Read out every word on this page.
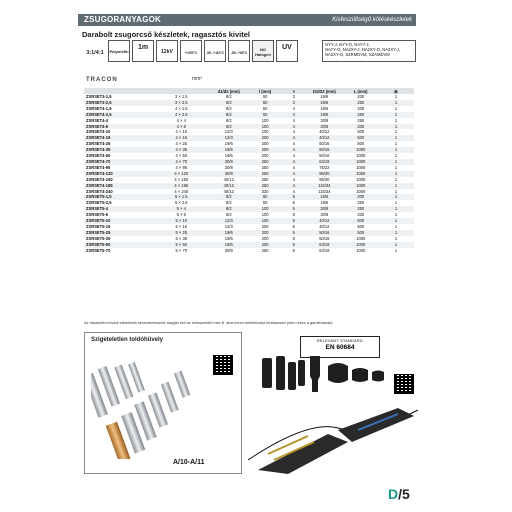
ZSUGORANYAGOK	Kisfeszültségű kötéskészletek
Darabolt zsugorcső készletek, ragasztós kivitel
3:1/4:1	Polyolefin
1m
12kV	+105°C	-55...+110°C	-55...+60°C
NO Halogen
UV	NYY-J, NYY-O, NAYY-J,
NAYY-O, NA2XY-J, NA2XY-O, NA2XY-J,
NA2XY-O, SZRMDVM, SZAMDVM
TRACON	mm²
		d1/d2 (mm)	l (mm)	×	D1/D2 (mm)	L (mm)	⊠
ZSRSET3-1,5	3 × 1.5	8/2	50	3	19/6	200	1
ZSRSET3-2,5	3 × 2.5	8/2	50	3	19/6	250	1
ZSRSET4-1,5	4 × 1.5	8/2	50	4	19/6	200	1
ZSRSET4-2,5	4 × 2.5	8/2	50	4	19/6	250	1
ZSRSET4-4	4 × 4	8/2	100	4	30/8	250	1
ZSRSET4-6	4 × 6	8/2	100	4	30/8	330	1
ZSRSET4-10	4 × 10	12/3	100	4	40/12	500	1
ZSRSET4-16	4 × 16	12/3	200	4	40/12	500	1
ZSRSET4-25	4 × 25	19/6	200	4	50/16	500	1
ZSRSET4-35	4 × 35	19/6	200	4	50/16	1000	1
ZSRSET4-50	4 × 50	19/6	200	4	50/16	1000	1
ZSRSET4-70	4 × 70	30/8	250	4	63/19	1000	1
ZSRSET4-95	4 × 95	30/8	250	4	75/22	1000	1
ZSRSET4-120	4 × 120	30/8	250	4	95/30	1000	1
ZSRSET4-150	4 × 150	40/12	250	4	95/30	1000	1
ZSRSET4-185	4 × 185	40/12	250	4	115/34	1000	1
ZSRSET4-240	4 × 240	40/12	330	4	115/34	1000	1
ZSRSET5-1,5	5 × 1.5	8/2	50	5	19/6	200	1
ZSRSET5-2,5	5 × 2.5	8/2	50	5	19/6	250	1
ZSRSET5-4	5 × 4	8/2	100	5	30/8	250	1
ZSRSET5-6	5 × 6	8/2	100	5	30/8	330	1
ZSRSET5-10	5 × 10	12/3	100	5	40/12	500	1
ZSRSET5-16	5 × 16	12/3	200	5	40/12	500	1
ZSRSET5-25	5 × 25	19/6	200	5	50/16	500	1
ZSRSET5-35	5 × 35	19/6	200	5	50/16	1000	1
ZSRSET5-50	5 × 50	19/6	200	5	63/19	1000	1
ZSRSET5-70	5 × 70	30/8	250	5	63/19	1000	1
Az összekötni kívánt kábelenek keresztmetszete alapján kell az érösszekötő méz ill. alumínium toldóhüvelyt kiválasztani (nem része a garnitúrának).
Szigeteletlen toldóhüvely
A/10-A/11
RELEVANT STANDARD
EN 60684
D/5
